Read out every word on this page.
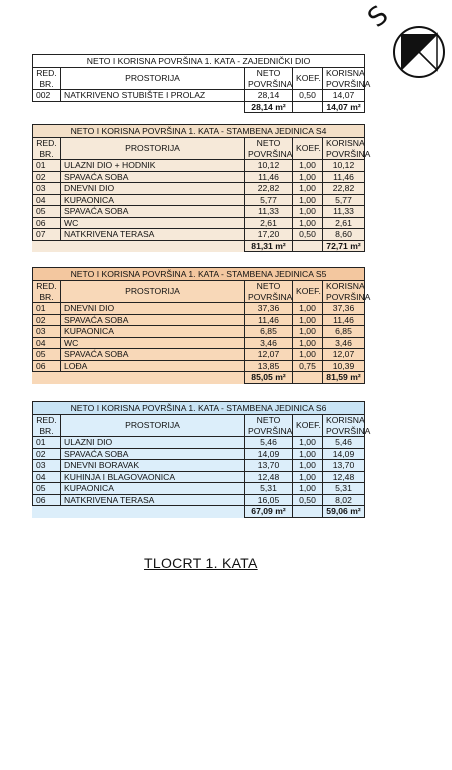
S
NETO I KORISNA POVRŠINA 1. KATA - ZAJEDNIČKI DIO				
RED. BR.	PROSTORIJA	NETO POVRŠINA	KOEF.	KORISNA POVRŠINA
002	NATKRIVENO STUBIŠTE I PROLAZ	28,14	0,50	14,07
		28,14 m²		14,07 m²
NETO I KORISNA POVRŠINA 1. KATA - STAMBENA JEDINICA S4				
RED. BR.	PROSTORIJA	NETO POVRŠINA	KOEF.	KORISNA POVRŠINA
01	ULAZNI DIO + HODNIK	10,12	1,00	10,12
02	SPAVAĆA SOBA	11,46	1,00	11,46
03	DNEVNI DIO	22,82	1,00	22,82
04	KUPAONICA	5,77	1,00	5,77
05	SPAVAĆA SOBA	11,33	1,00	11,33
06	WC	2,61	1,00	2,61
07	NATKRIVENA TERASA	17,20	0,50	8,60
		81,31 m²		72,71 m²
NETO I KORISNA POVRŠINA 1. KATA - STAMBENA JEDINICA S5				
RED. BR.	PROSTORIJA	NETO POVRŠINA	KOEF.	KORISNA POVRŠINA
01	DNEVNI DIO	37,36	1,00	37,36
02	SPAVAĆA SOBA	11,46	1,00	11,46
03	KUPAONICA	6,85	1,00	6,85
04	WC	3,46	1,00	3,46
05	SPAVAĆA SOBA	12,07	1,00	12,07
06	LOĐA	13,85	0,75	10,39
		85,05 m²		81,59 m²
NETO I KORISNA POVRŠINA 1. KATA - STAMBENA JEDINICA S6				
RED. BR.	PROSTORIJA	NETO POVRŠINA	KOEF.	KORISNA POVRŠINA
01	ULAZNI DIO	5,46	1,00	5,46
02	SPAVAĆA SOBA	14,09	1,00	14,09
03	DNEVNI BORAVAK	13,70	1,00	13,70
04	KUHINJA I BLAGOVAONICA	12,48	1,00	12,48
05	KUPAONICA	5,31	1,00	5,31
06	NATKRIVENA TERASA	16,05	0,50	8,02
		67,09 m²		59,06 m²
TLOCRT 1. KATA
